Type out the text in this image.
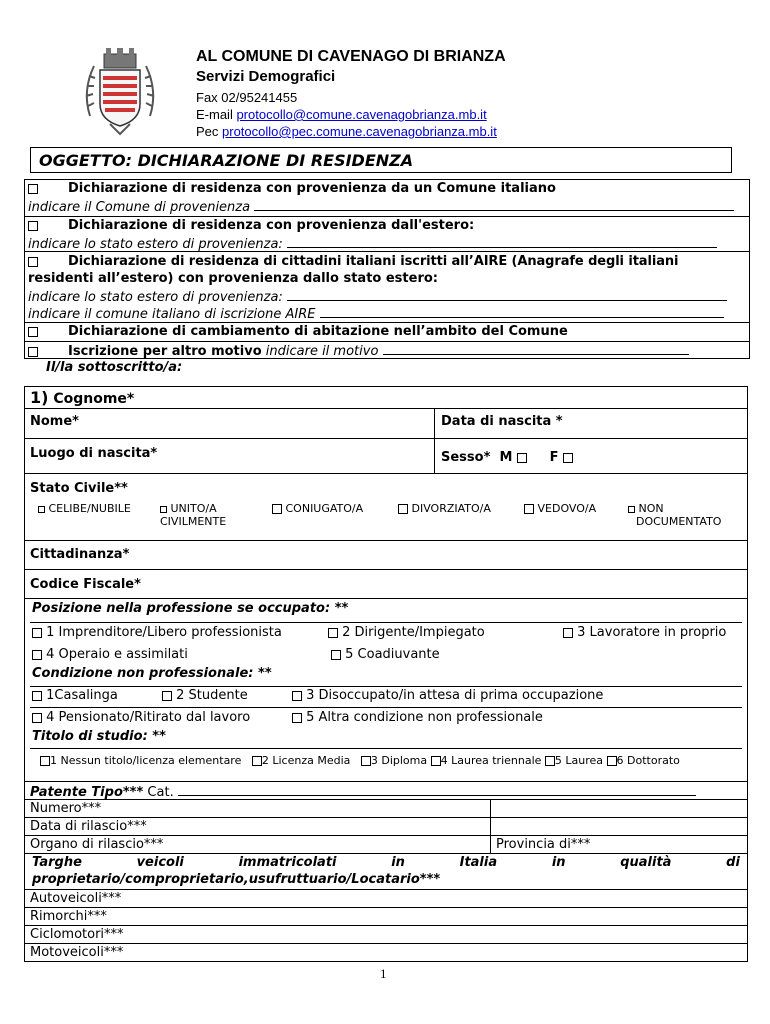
AL COMUNE DI CAVENAGO DI BRIANZA
Servizi Demografici
Fax 02/95241455
E-mail protocollo@comune.cavenagobrianza.mb.it
Pec protocollo@pec.comune.cavenagobrianza.mb.it
OGGETTO: DICHIARAZIONE DI RESIDENZA
Dichiarazione di residenza con provenienza da un Comune italiano
indicare il Comune di provenienza
Dichiarazione di residenza con provenienza dall'estero:
indicare lo stato estero di provenienza:
Dichiarazione di residenza di cittadini italiani iscritti all’AIRE (Anagrafe degli italiani
residenti all’estero) con provenienza dallo stato estero:
indicare lo stato estero di provenienza:
indicare il comune italiano di iscrizione AIRE
Dichiarazione di cambiamento di abitazione nell’ambito del Comune
Iscrizione per altro motivo indicare il motivo
Il/la sottoscritto/a:
1) Cognome*
Nome*	Data di nascita *
Luogo di nascita*	Sesso* M	F
Stato Civile**
CELIBE/NUBILE	UNITO/A
CIVILMENTE
CONIUGATO/A	DIVORZIATO/A	VEDOVO/A	NON
DOCUMENTATO
Cittadinanza*
Codice Fiscale*
Posizione nella professione se occupato: **
1 Imprenditore/Libero professionista	2 Dirigente/Impiegato	3 Lavoratore in proprio
4 Operaio e assimilati	5 Coadiuvante
Condizione non professionale: **
1Casalinga	2 Studente	3 Disoccupato/in attesa di prima occupazione
4 Pensionato/Ritirato dal lavoro	5 Altra condizione non professionale
Titolo di studio: **
1 Nessun titolo/licenza elementare 2 Licenza Media 3 Diploma 4 Laurea triennale 5 Laurea 6 Dottorato
Patente Tipo*** Cat.
Numero***
Data di rilascio***
Organo di rilascio***	Provincia di***
Targhe	veicoli	immatricolati	in	Italia	in	qualità	di
proprietario/comproprietario,usufruttuario/Locatario***
Autoveicoli***
Rimorchi***
Ciclomotori***
Motoveicoli***
1
